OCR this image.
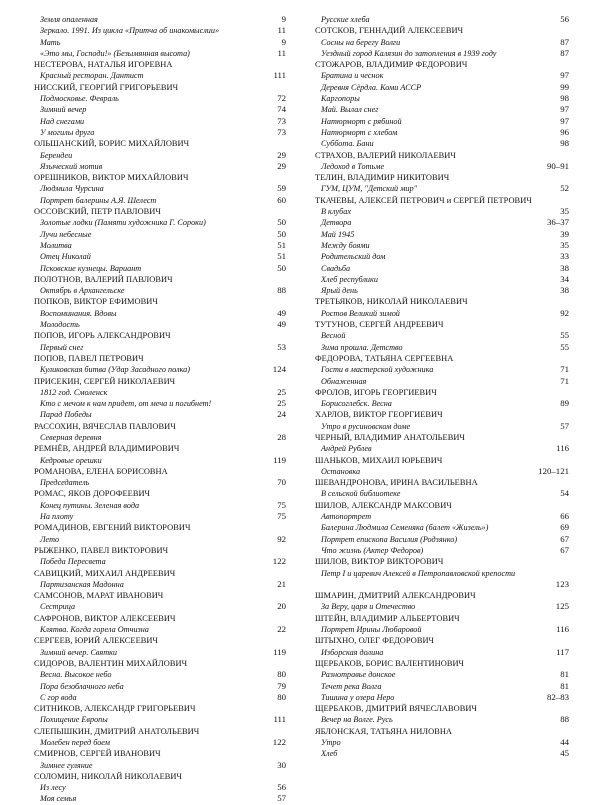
Земля опаленная	9
Зеркало. 1991. Из цикла «Притча об инакомыслии»	11
Мать	9
«Это мы, Господи!» (Безымянная высота)	11
НЕСТЕРОВА, НАТАЛЬЯ ИГОРЕВНА
Красный ресторан. Дантист	111
НИССКИЙ, ГЕОРГИЙ ГРИГОРЬЕВИЧ
Подмосковье. Февраль	72
Зимний вечер	74
Над снегами	73
У могилы друга	73
ОЛЬШАНСКИЙ, БОРИС МИХАЙЛОВИЧ
Берендеи	29
Языческий мотив	29
ОРЕШНИКОВ, ВИКТОР МИХАЙЛОВИЧ
Людмила Чурсина	59
Портрет балерины А.Я. Шелест	60
ОССОВСКИЙ, ПЕТР ПАВЛОВИЧ
Золотые лодки (Памяти художника Г. Сороки)	50
Лучи небесные	50
Молитва	51
Отец Николай	51
Псковские кузнецы. Вариант	50
ПОЛОТНОВ, ВАЛЕРИЙ ПАВЛОВИЧ
Октябрь в Архангельске	88
ПОПКОВ, ВИКТОР ЕФИМОВИЧ
Воспоминания. Вдовы	49
Молодость	49
ПОПОВ, ИГОРЬ АЛЕКСАНДРОВИЧ
Первый снег	53
ПОПОВ, ПАВЕЛ ПЕТРОВИЧ
Куликовская битва (Удар Засадного полка)	124
ПРИСЕКИН, СЕРГЕЙ НИКОЛАЕВИЧ
1812 год. Смоленск	25
Кто с мечом к нам придет, от меча и погибнет!	25
Парад Победы	24
РАССОХИН, ВЯЧЕСЛАВ ПАВЛОВИЧ
Северная деревня	28
РЕМНЁВ, АНДРЕЙ ВЛАДИМИРОВИЧ
Кедровые орешки	119
РОМАНОВА, ЕЛЕНА БОРИСОВНА
Председатель	70
РОМАС, ЯКОВ ДОРОФЕЕВИЧ
Конец путины. Зеленая вода	75
На плоту	75
РОМАДИНОВ, ЕВГЕНИЙ ВИКТОРОВИЧ
Лето	92
РЫЖЕНКО, ПАВЕЛ ВИКТОРОВИЧ
Победа Пересвета	122
САВИЦКИЙ, МИХАИЛ АНДРЕЕВИЧ
Партизанская Мадонна	21
САМСОНОВ, МАРАТ ИВАНОВИЧ
Сестрица	20
САФРОНОВ, ВИКТОР АЛЕКСЕЕВИЧ
Клятва. Когда горела Отчизна	22
СЕРГЕЕВ, ЮРИЙ АЛЕКСЕЕВИЧ
Зимний вечер. Святки	119
СИДОРОВ, ВАЛЕНТИН МИХАЙЛОВИЧ
Весна. Высокое небо	80
Пора безоблачного неба	79
С гор вода	80
СИТНИКОВ, АЛЕКСАНДР ГРИГОРЬЕВИЧ
Похищение Европы	111
СЛЕПЫШКИН, ДМИТРИЙ АНАТОЛЬЕВИЧ
Молебен перед боем	122
СМИРНОВ, СЕРГЕЙ ИВАНОВИЧ
Зимнее гуляние	30
СОЛОМИН, НИКОЛАЙ НИКОЛАЕВИЧ
Из лесу	56
Моя семья	57
Русские хлеба	56
СОТСКОВ, ГЕННАДИЙ АЛЕКСЕЕВИЧ
Сосны на берегу Волги	87
Уездный город Калязин до затопления в 1939 году	87
СТОЖАРОВ, ВЛАДИМИР ФЕДОРОВИЧ
Братина и чеснок	97
Деревня Сёрдла. Коми АССР	99
Каргопоры	98
Май. Вылал снег	97
Натюрморт с рябиной	97
Натюрморт с хлебом	96
Суббота. Бани	98
СТРАХОВ, ВАЛЕРИЙ НИКОЛАЕВИЧ
Ледоход в Тотьме	90–91
ТЕЛИН, ВЛАДИМИР НИКИТОВИЧ
ГУМ, ЦУМ, "Детский мир"	52
ТКАЧЕВЫ, АЛЕКСЕЙ ПЕТРОВИЧ и СЕРГЕЙ ПЕТРОВИЧ
В клубах	35
Детвора	36–37
Май 1945	39
Между боями	35
Родительский дом	33
Свадьба	38
Хлеб республики	34
Ярый день	38
ТРЕТЬЯКОВ, НИКОЛАЙ НИКОЛАЕВИЧ
Ростов Великий зимой	92
ТУТУНОВ, СЕРГЕЙ АНДРЕЕВИЧ
Весной	55
Зима прошла. Детство	55
ФЕДОРОВА, ТАТЬЯНА СЕРГЕЕВНА
Гости в мастерской художника	71
Обнаженная	71
ФРОЛОВ, ИГОРЬ ГЕОРГИЕВИЧ
Борисоглебск. Весна	89
ХАРЛОВ, ВИКТОР ГЕОРГИЕВИЧ
Утро в русиновском доме	57
ЧЕРНЫЙ, ВЛАДИМИР АНАТОЛЬЕВИЧ
Андрей Рублев	116
ШАНЬКОВ, МИХАИЛ ЮРЬЕВИЧ
Остановка	120–121
ШЕВАНДРОНОВА, ИРИНА ВАСИЛЬЕВНА
В сельской библиотеке	54
ШИЛОВ, АЛЕКСАНДР МАКСОВИЧ
Автопортрет	66
Балерина Людмила Семеняка (балет «Жизель»)	69
Портрет епископа Василия (Родзянко)	67
Что жизнь (Актер Федоров)	67
ШИЛОВ, ВИКТОР ВИКТОРОВИЧ
Петр I и царевич Алексей в Петропавловской крепости
123
ШМАРИН, ДМИТРИЙ АЛЕКСАНДРОВИЧ
За Веру, царя и Отечество	125
ШТЕЙН, ВЛАДИМИР АЛЬБЕРТОВИЧ
Портрет Ирины Любаровой	116
ШТЫХНО, ОЛЕГ ФЕДОРОВИЧ
Изборская долина	117
ЩЕРБАКОВ, БОРИС ВАЛЕНТИНОВИЧ
Разнотравье донское	81
Течет река Волга	81
Тишина у озера Неро	82–83
ЩЕРБАКОВ, ДМИТРИЙ ВЯЧЕСЛАВОВИЧ
Вечер на Волге. Русь	88
ЯБЛОНСКАЯ, ТАТЬЯНА НИЛОВНА
Утро	44
Хлеб	45
